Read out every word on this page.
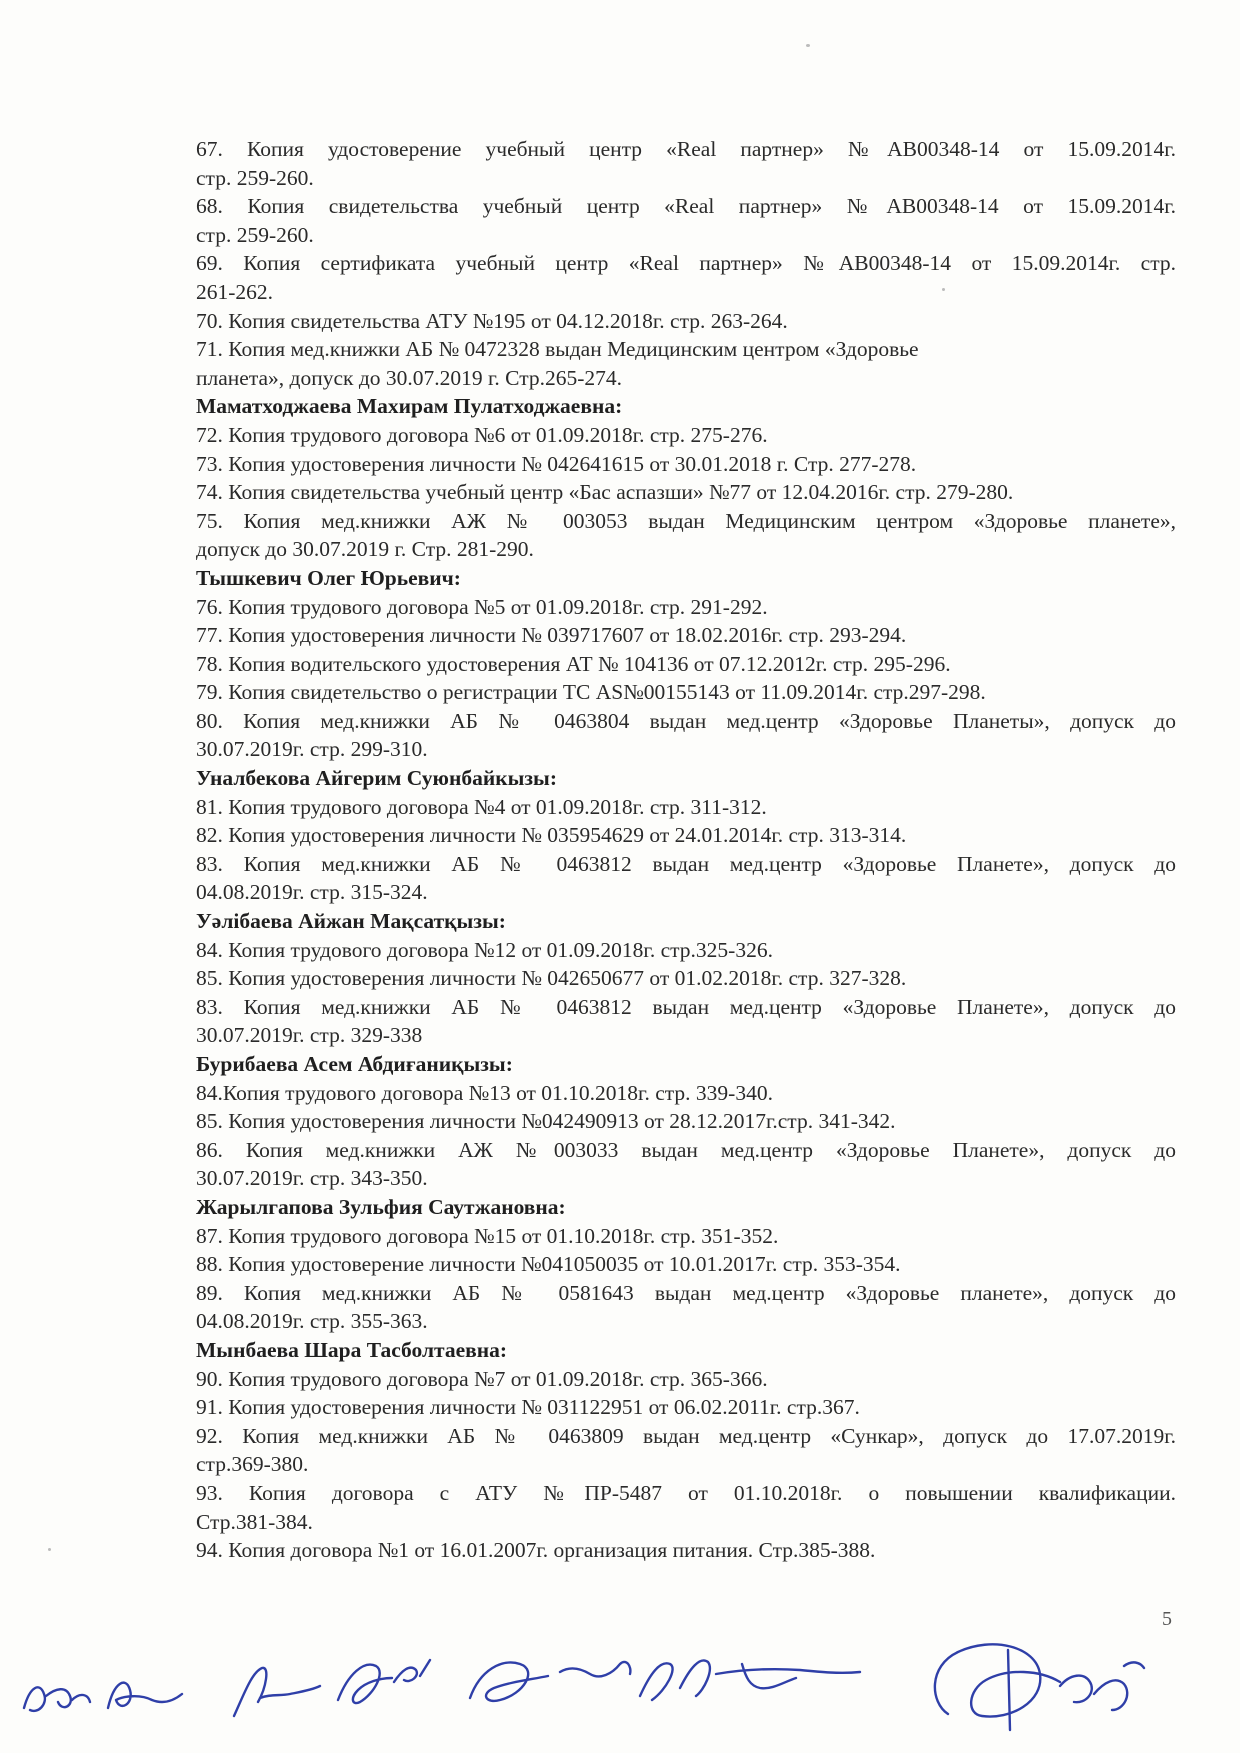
67. Копия удостоверение учебный центр «Real партнер» №АВ00348-14 от 15.09.2014г.

стр. 259-260.

68. Копия свидетельства учебный центр «Real партнер» №АВ00348-14 от 15.09.2014г.

стр. 259-260.

69. Копия сертификата учебный центр «Real партнер» №АВ00348-14 от 15.09.2014г. стр.

261-262.

70. Копия свидетельства АТУ №195 от 04.12.2018г. стр. 263-264.

71. Копия мед.книжки АБ № 0472328 выдан Медицинским центром «Здоровье

планета», допуск до 30.07.2019 г. Стр.265-274.

Маматходжаева Махирам Пулатходжаевна:

72. Копия трудового договора №6 от 01.09.2018г. стр. 275-276.

73. Копия удостоверения личности № 042641615 от 30.01.2018 г. Стр. 277-278.

74. Копия свидетельства учебный центр «Бас аспазши» №77 от 12.04.2016г. стр. 279-280.

75. Копия мед.книжки АЖ № 003053 выдан Медицинским центром «Здоровье планете»,

допуск до 30.07.2019 г. Стр. 281-290.

Тышкевич Олег Юрьевич:

76. Копия трудового договора №5 от 01.09.2018г. стр. 291-292.

77. Копия удостоверения личности № 039717607 от 18.02.2016г. стр. 293-294.

78. Копия водительского удостоверения АТ № 104136 от 07.12.2012г. стр. 295-296.

79. Копия свидетельство о регистрации ТС AS№00155143 от 11.09.2014г. стр.297-298.

80. Копия мед.книжки АБ № 0463804 выдан мед.центр «Здоровье Планеты», допуск до

30.07.2019г. стр. 299-310.

Уналбекова Айгерим Суюнбайкызы:

81. Копия трудового договора №4 от 01.09.2018г. стр. 311-312.

82. Копия удостоверения личности № 035954629 от 24.01.2014г. стр. 313-314.

83. Копия мед.книжки АБ № 0463812 выдан мед.центр «Здоровье Планете», допуск до

04.08.2019г. стр. 315-324.

Уәлібаева Айжан Мақсатқызы:

84. Копия трудового договора №12 от 01.09.2018г. стр.325-326.

85. Копия удостоверения личности № 042650677 от 01.02.2018г. стр. 327-328.

83. Копия мед.книжки АБ № 0463812 выдан мед.центр «Здоровье Планете», допуск до

30.07.2019г. стр. 329-338

Бурибаева Асем Абдиғаниқызы:

84.Копия трудового договора №13 от 01.10.2018г. стр. 339-340.

85. Копия удостоверения личности №042490913 от 28.12.2017г.стр. 341-342.

86. Копия мед.книжки АЖ №003033 выдан мед.центр «Здоровье Планете», допуск до

30.07.2019г. стр. 343-350.

Жарылгапова Зульфия Саутжановна:

87. Копия трудового договора №15 от 01.10.2018г. стр. 351-352.

88. Копия удостоверение личности №041050035 от 10.01.2017г. стр. 353-354.

89. Копия мед.книжки АБ № 0581643 выдан мед.центр «Здоровье планете», допуск до

04.08.2019г. стр. 355-363.

Мынбаева Шара Тасболтаевна:

90. Копия трудового договора №7 от 01.09.2018г. стр. 365-366.

91. Копия удостоверения личности № 031122951 от 06.02.2011г. стр.367.

92. Копия мед.книжки АБ № 0463809 выдан мед.центр «Сункар», допуск до 17.07.2019г.

стр.369-380.

93. Копия договора с АТУ №ПР-5487 от 01.10.2018г. о повышении квалификации.

Стр.381-384.

94. Копия договора №1 от 16.01.2007г. организация питания. Стр.385-388.

5
